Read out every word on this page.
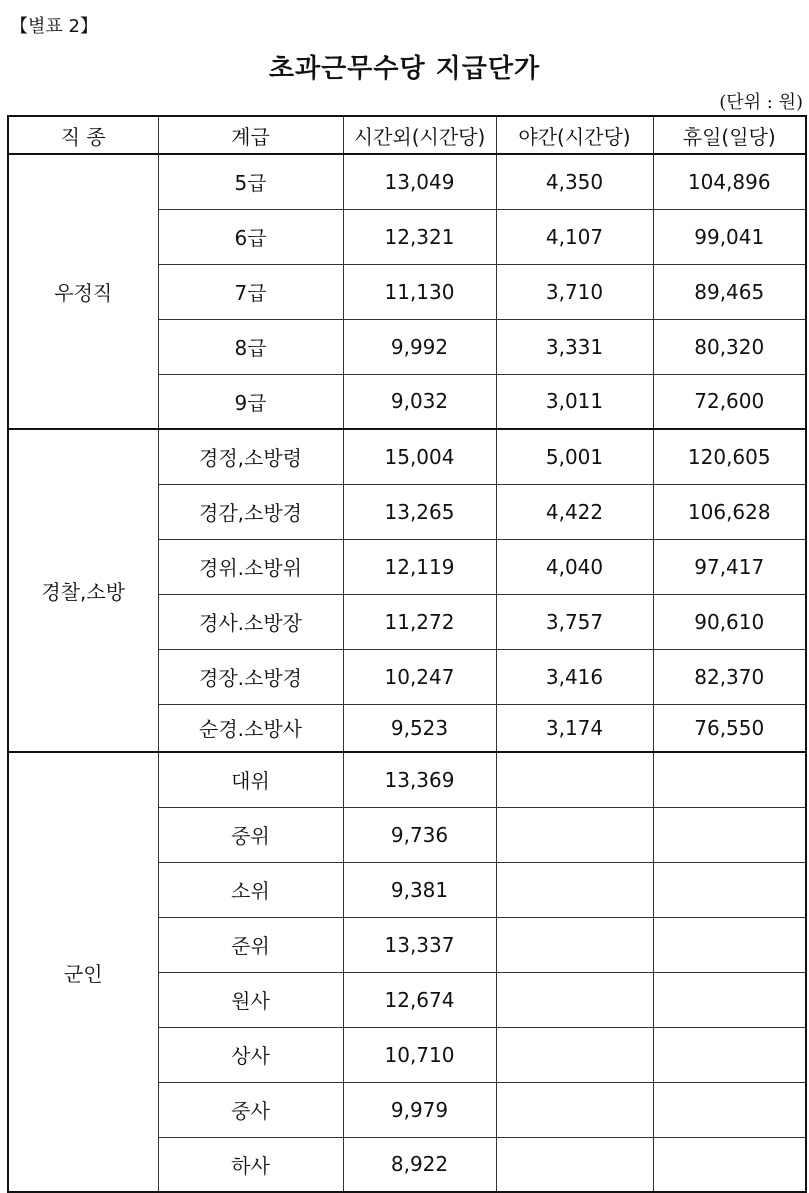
【별표 2】
초과근무수당 지급단가
(단위 : 원)
직 종	계급	시간외(시간당)	야간(시간당)	휴일(일당)
우정직	5급	13,049	4,350	104,896
	6급	12,321	4,107	99,041
	7급	11,130	3,710	89,465
	8급	9,992	3,331	80,320
	9급	9,032	3,011	72,600
경찰,소방	경정,소방령	15,004	5,001	120,605
	경감,소방경	13,265	4,422	106,628
	경위.소방위	12,119	4,040	97,417
	경사.소방장	11,272	3,757	90,610
	경장.소방경	10,247	3,416	82,370
	순경.소방사	9,523	3,174	76,550
군인	대위	13,369		
	중위	9,736		
	소위	9,381		
	준위	13,337		
	원사	12,674		
	상사	10,710		
	중사	9,979		
	하사	8,922		
